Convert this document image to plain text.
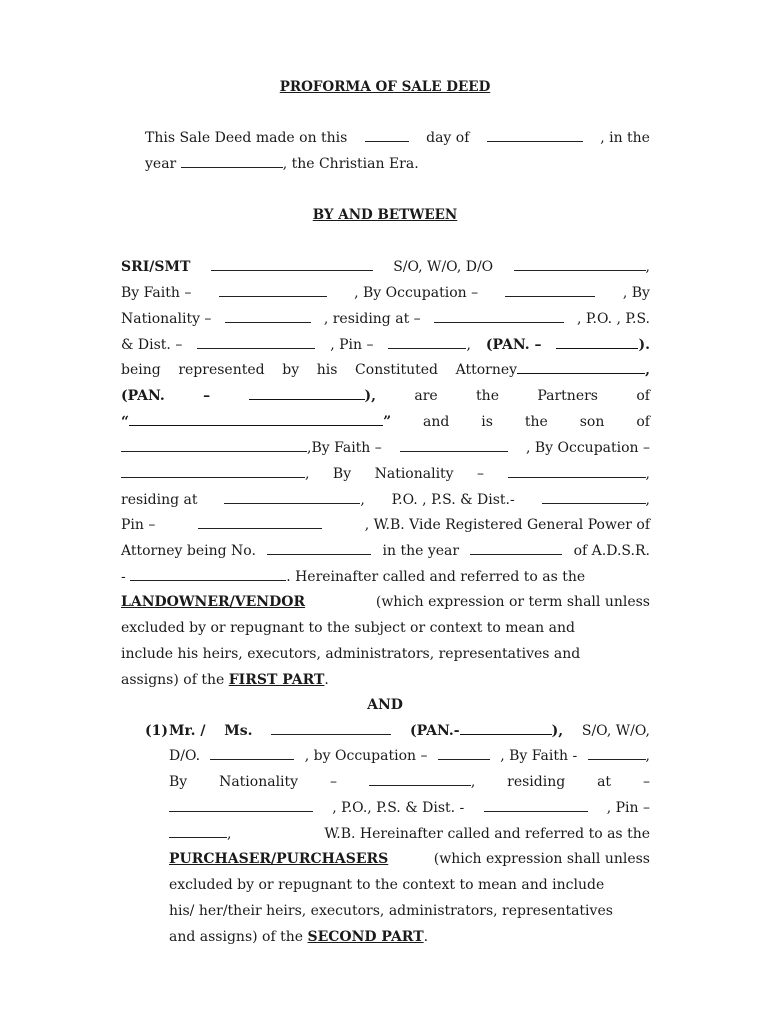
PROFORMA OF SALE DEED
This Sale Deed made on this	day of	, in the
year	, the Christian Era.
BY AND BETWEEN
SRI/SMT	S/O, W/O, D/O	,
By Faith –	, By Occupation –	, By
Nationality –	, residing at –	, P.O. , P.S.
& Dist. –	, Pin –	, (PAN. –	).
being represented by his Constituted Attorney	,
(PAN.	–	),	are	the	Partners	of
“	” and is the son of
,By Faith –	, By Occupation –
, By Nationality –	,
residing at	, P.O. , P.S. & Dist.-	,
Pin –	, W.B. Vide Registered General Power of
Attorney being No.	in the year	of A.D.S.R.
-	. Hereinafter called and referred to as the
LANDOWNER/VENDOR	(which expression or term shall unless
excluded by or repugnant to the subject or context to mean and
include his heirs, executors, administrators, representatives and
assigns) of the FIRST PART.
AND
(1) Mr. / Ms.	(PAN.-	), S/O, W/O,
D/O.	, by Occupation –	, By Faith -	,
By Nationality –	, residing at –
, P.O., P.S. & Dist. -	, Pin –
,	W.B. Hereinafter called and referred to as the
PURCHASER/PURCHASERS	(which expression shall unless
excluded by or repugnant to the context to mean and include
his/ her/their heirs, executors, administrators, representatives
and assigns) of the SECOND PART.
